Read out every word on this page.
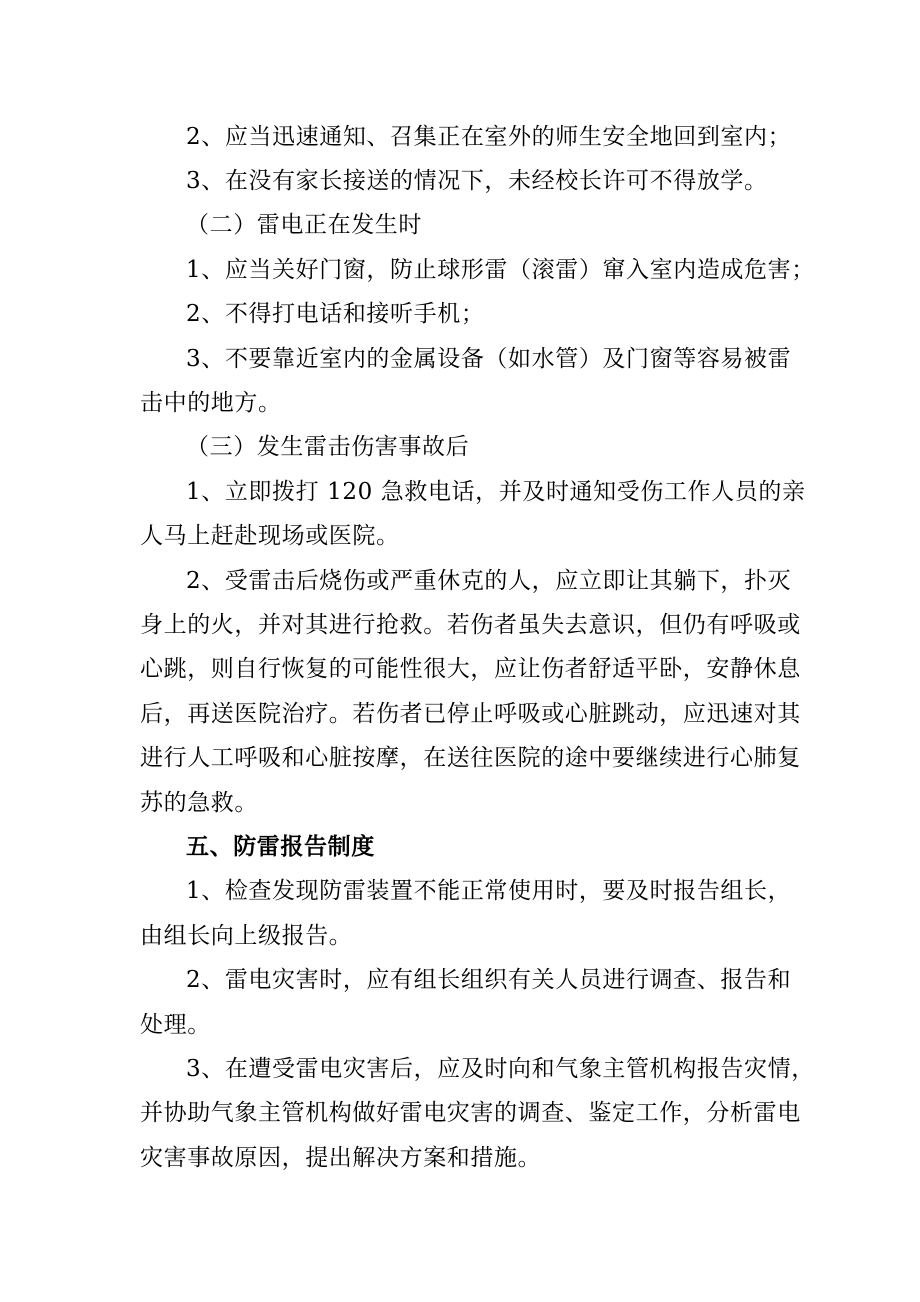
2、应当迅速通知、召集正在室外的师生安全地回到室内；
3、在没有家长接送的情况下，未经校长许可不得放学。
（二）雷电正在发生时
1、应当关好门窗，防止球形雷（滚雷）窜入室内造成危害；
2、不得打电话和接听手机；
3、不要靠近室内的金属设备（如水管）及门窗等容易被雷
击中的地方。
（三）发生雷击伤害事故后
1、立即拨打 120 急救电话，并及时通知受伤工作人员的亲
人马上赶赴现场或医院。
2、受雷击后烧伤或严重休克的人，应立即让其躺下，扑灭
身上的火，并对其进行抢救。若伤者虽失去意识，但仍有呼吸或
心跳，则自行恢复的可能性很大，应让伤者舒适平卧，安静休息
后，再送医院治疗。若伤者已停止呼吸或心脏跳动，应迅速对其
进行人工呼吸和心脏按摩，在送往医院的途中要继续进行心肺复
苏的急救。
五、防雷报告制度
1、检查发现防雷装置不能正常使用时，要及时报告组长，
由组长向上级报告。
2、雷电灾害时，应有组长组织有关人员进行调查、报告和
处理。
3、在遭受雷电灾害后，应及时向和气象主管机构报告灾情，
并协助气象主管机构做好雷电灾害的调查、鉴定工作，分析雷电
灾害事故原因，提出解决方案和措施。
